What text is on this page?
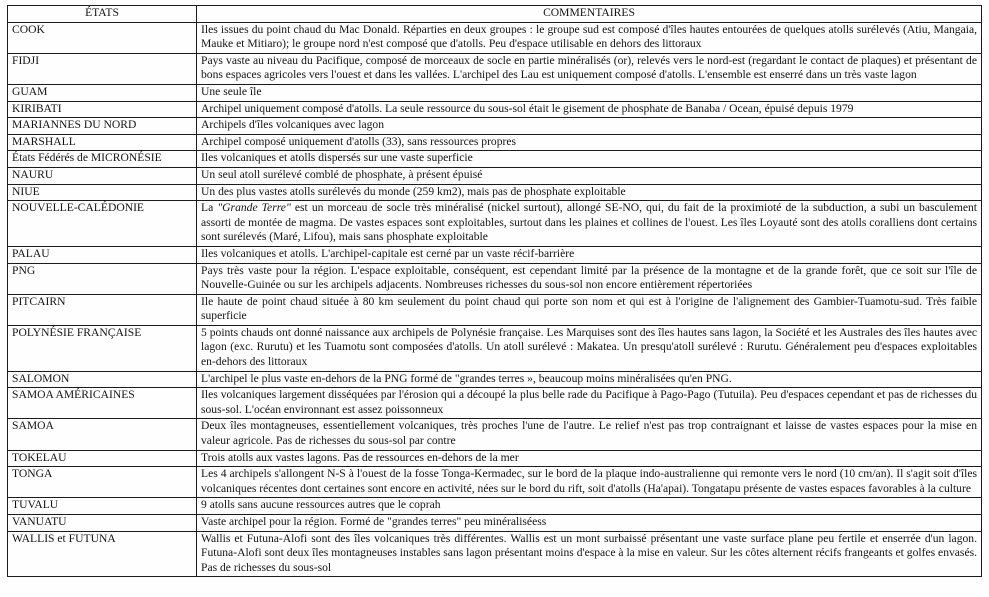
ÉTATS	COMMENTAIRES
COOK	Iles issues du point chaud du Mac Donald. Réparties en deux groupes : le groupe sud est composé d'îles hautes entourées de quelques atolls surélevés (Atiu, Mangaia, Mauke et Mitiaro); le groupe nord n'est composé que d'atolls. Peu d'espace utilisable en dehors des littoraux
FIDJI	Pays vaste au niveau du Pacifique, composé de morceaux de socle en partie minéralisés (or), relevés vers le nord-est (regardant le contact de plaques) et présentant de bons espaces agricoles vers l'ouest et dans les vallées. L'archipel des Lau est uniquement composé d'atolls. L'ensemble est enserré dans un très vaste lagon
GUAM	Une seule île
KIRIBATI	Archipel uniquement composé d'atolls. La seule ressource du sous-sol était le gisement de phosphate de Banaba / Ocean, épuisé depuis 1979
MARIANNES DU NORD	Archipels d'îles volcaniques avec lagon
MARSHALL	Archipel composé uniquement d'atolls (33), sans ressources propres
États Fédérés de MICRONÉSIE	Iles volcaniques et atolls dispersés sur une vaste superficie
NAURU	Un seul atoll surélevé comblé de phosphate, à présent épuisé
NIUE	Un des plus vastes atolls surélevés du monde (259 km2), mais pas de phosphate exploitable
NOUVELLE-CALÉDONIE	La "Grande Terre" est un morceau de socle très minéralisé (nickel surtout), allongé SE-NO, qui, du fait de la proximioté de la subduction, a subi un basculement assorti de montée de magma. De vastes espaces sont exploitables, surtout dans les plaines et collines de l'ouest. Les îles Loyauté sont des atolls coralliens dont certains sont surélevés (Maré, Lifou), mais sans phosphate exploitable
PALAU	Iles volcaniques et atolls. L'archipel-capitale est cerné par un vaste récif-barrière
PNG	Pays très vaste pour la région. L'espace exploitable, conséquent, est cependant limité par la présence de la montagne et de la grande forêt, que ce soit sur l'île de Nouvelle-Guinée ou sur les archipels adjacents. Nombreuses richesses du sous-sol non encore entièrement répertoriées
PITCAIRN	Ile haute de point chaud située à 80 km seulement du point chaud qui porte son nom et qui est à l'origine de l'alignement des Gambier-Tuamotu-sud. Très faible superficie
POLYNÉSIE FRANÇAISE	5 points chauds ont donné naissance aux archipels de Polynésie française. Les Marquises sont des îles hautes sans lagon, la Société et les Australes des îles hautes avec lagon (exc. Rurutu) et les Tuamotu sont composées d'atolls. Un atoll surélevé : Makatea. Un presqu'atoll surélevé : Rurutu. Généralement peu d'espaces exploitables en-dehors des littoraux
SALOMON	L'archipel le plus vaste en-dehors de la PNG formé de "grandes terres », beaucoup moins minéralisées qu'en PNG.
SAMOA AMÉRICAINES	Iles volcaniques largement disséquées par l'érosion qui a découpé la plus belle rade du Pacifique à Pago-Pago (Tutuila). Peu d'espaces cependant et pas de richesses du sous-sol. L'océan environnant est assez poissonneux
SAMOA	Deux îles montagneuses, essentiellement volcaniques, très proches l'une de l'autre. Le relief n'est pas trop contraignant et laisse de vastes espaces pour la mise en valeur agricole. Pas de richesses du sous-sol par contre
TOKELAU	Trois atolls aux vastes lagons. Pas de ressources en-dehors de la mer
TONGA	Les 4 archipels s'allongent N-S à l'ouest de la fosse Tonga-Kermadec, sur le bord de la plaque indo-australienne qui remonte vers le nord (10 cm/an). Il s'agit soit d'îles volcaniques récentes dont certaines sont encore en activité, nées sur le bord du rift, soit d'atolls (Ha'apai). Tongatapu présente de vastes espaces favorables à la culture
TUVALU	9 atolls sans aucune ressources autres que le coprah
VANUATU	Vaste archipel pour la région. Formé de "grandes terres" peu minéraliséess
WALLIS et FUTUNA	Wallis et Futuna-Alofi sont des îles volcaniques très différentes. Wallis est un mont surbaissé présentant une vaste surface plane peu fertile et enserrée d'un lagon. Futuna-Alofi sont deux îles montagneuses instables sans lagon présentant moins d'espace à la mise en valeur. Sur les côtes alternent récifs frangeants et golfes envasés. Pas de richesses du sous-sol
